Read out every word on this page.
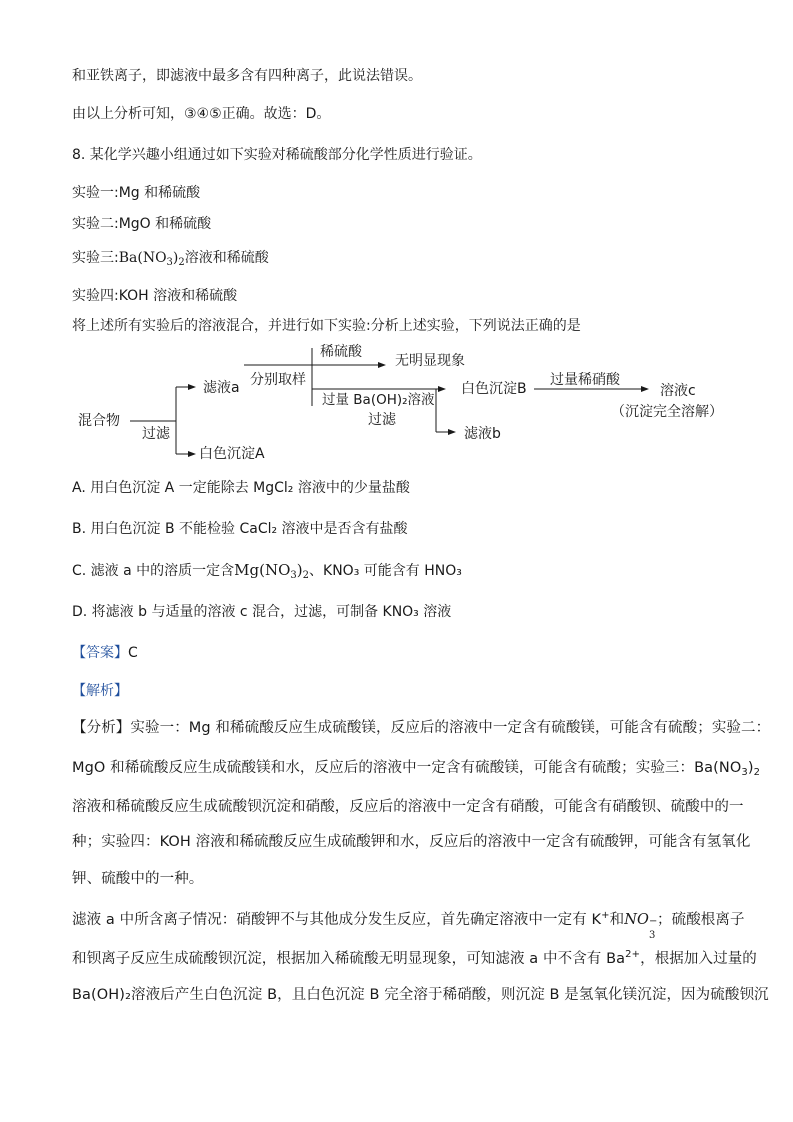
和亚铁离子，即滤液中最多含有四种离子，此说法错误。
由以上分析可知，③④⑤正确。故选：D。
8. 某化学兴趣小组通过如下实验对稀硫酸部分化学性质进行验证。
实验一:Mg 和稀硫酸
实验二:MgO 和稀硫酸
实验三$:Ba(NO_3)_2$溶液和稀硫酸
实验四:KOH 溶液和稀硫酸
将上述所有实验后的溶液混合，并进行如下实验:分析上述实验，下列说法正确的是
混合物
过滤
滤液a
白色沉淀A
分别取样
稀硫酸
无明显现象
过量 Ba(OH)₂溶液
过滤
白色沉淀B
过量稀硝酸
溶液c
（沉淀完全溶解）
滤液b
A. 用白色沉淀 A 一定能除去 MgCl₂ 溶液中的少量盐酸
B. 用白色沉淀 B 不能检验 CaCl₂ 溶液中是否含有盐酸
C. 滤液 a 中的溶质一定含$Mg(NO_3)_2$、KNO₃ 可能含有 HNO₃
D. 将滤液 b 与适量的溶液 c 混合，过滤，可制备 KNO₃ 溶液
【答案】C
【解析】
【分析】实验一：Mg 和稀硫酸反应生成硫酸镁，反应后的溶液中一定含有硫酸镁，可能含有硫酸；实验二：
MgO 和稀硫酸反应生成硫酸镁和水，反应后的溶液中一定含有硫酸镁，可能含有硫酸；实验三：$Ba(NO_3)_2$
溶液和稀硫酸反应生成硫酸钡沉淀和硝酸，反应后的溶液中一定含有硝酸，可能含有硝酸钡、硫酸中的一
种；实验四：KOH 溶液和稀硫酸反应生成硫酸钾和水，反应后的溶液中一定含有硫酸钾，可能含有氢氧化
钾、硫酸中的一种。
滤液 a 中所含离子情况：硝酸钾不与其他成分发生反应，首先确定溶液中一定有 K+和NO −
3
；硫酸根离子
和钡离子反应生成硫酸钡沉淀，根据加入稀硫酸无明显现象，可知滤液 a 中不含有 $Ba^{2+}$，根据加入过量的
Ba(OH)₂溶液后产生白色沉淀 B，且白色沉淀 B 完全溶于稀硝酸，则沉淀 B 是氢氧化镁沉淀，因为硫酸钡沉
